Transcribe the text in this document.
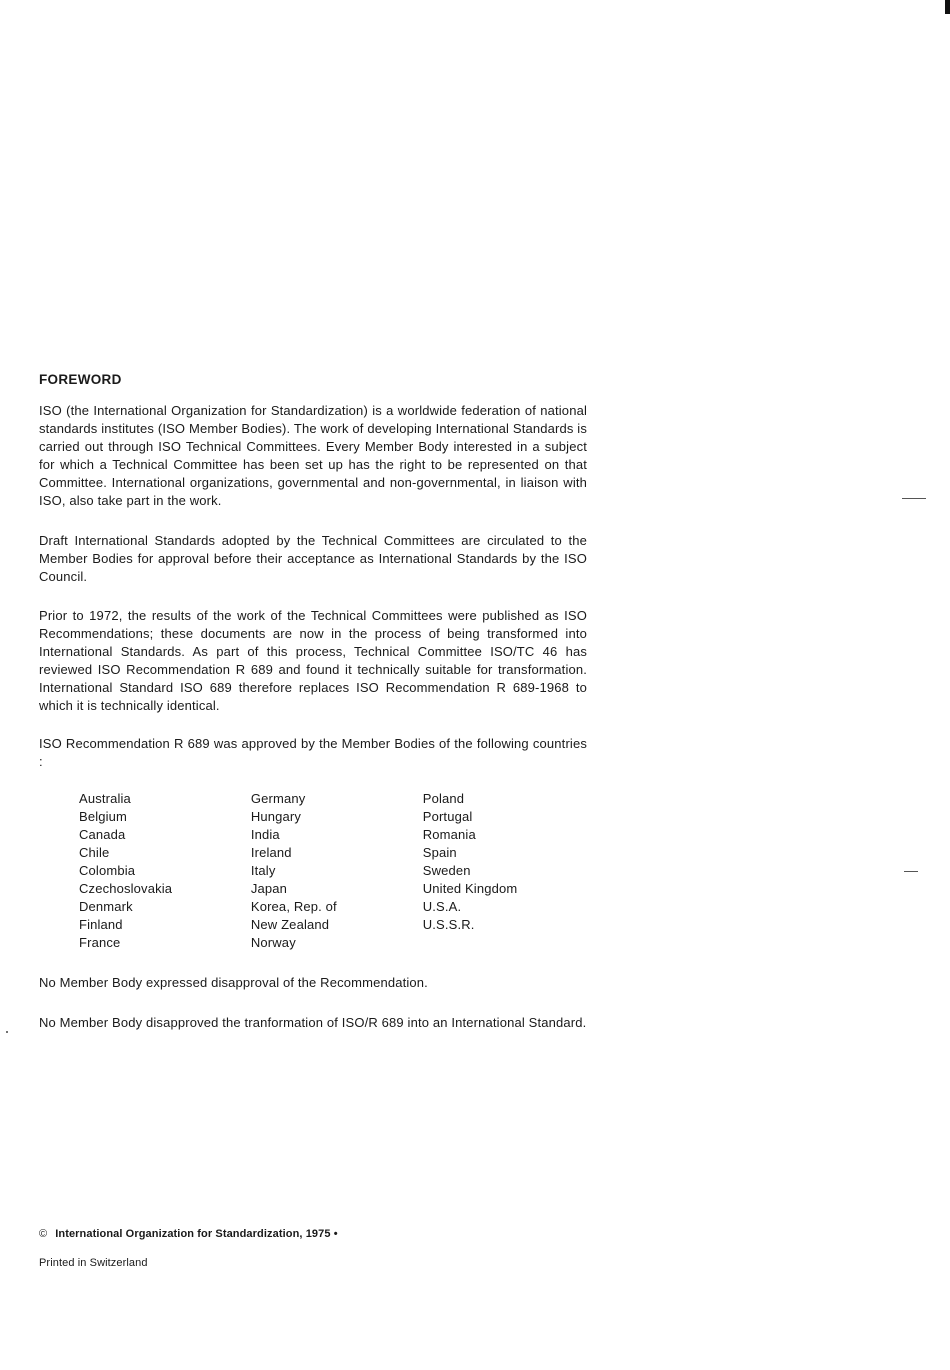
FOREWORD

ISO (the International Organization for Standardization) is a worldwide federation of national standards institutes (ISO Member Bodies). The work of developing International Standards is carried out through ISO Technical Committees. Every Member Body interested in a subject for which a Technical Committee has been set up has the right to be represented on that Committee. International organizations, governmental and non-governmental, in liaison with ISO, also take part in the work.

Draft International Standards adopted by the Technical Committees are circulated to the Member Bodies for approval before their acceptance as International Standards by the ISO Council.

Prior to 1972, the results of the work of the Technical Committees were published as ISO Recommendations; these documents are now in the process of being transformed into International Standards. As part of this process, Technical Committee ISO/TC 46 has reviewed ISO Recommendation R 689 and found it technically suitable for transformation. International Standard ISO 689 therefore replaces ISO Recommendation R 689-1968 to which it is technically identical.

ISO Recommendation R 689 was approved by the Member Bodies of the following countries :

Australia
Belgium
Canada
Chile
Colombia
Czechoslovakia
Denmark
Finland
France
Germany
Hungary
India
Ireland
Italy
Japan
Korea, Rep. of
New Zealand
Norway
Poland
Portugal
Romania
Spain
Sweden
United Kingdom
U.S.A.
U.S.S.R.

No Member Body expressed disapproval of the Recommendation.

No Member Body disapproved the tranformation of ISO/R 689 into an International Standard.

© International Organization for Standardization, 1975 •
Printed in Switzerland
